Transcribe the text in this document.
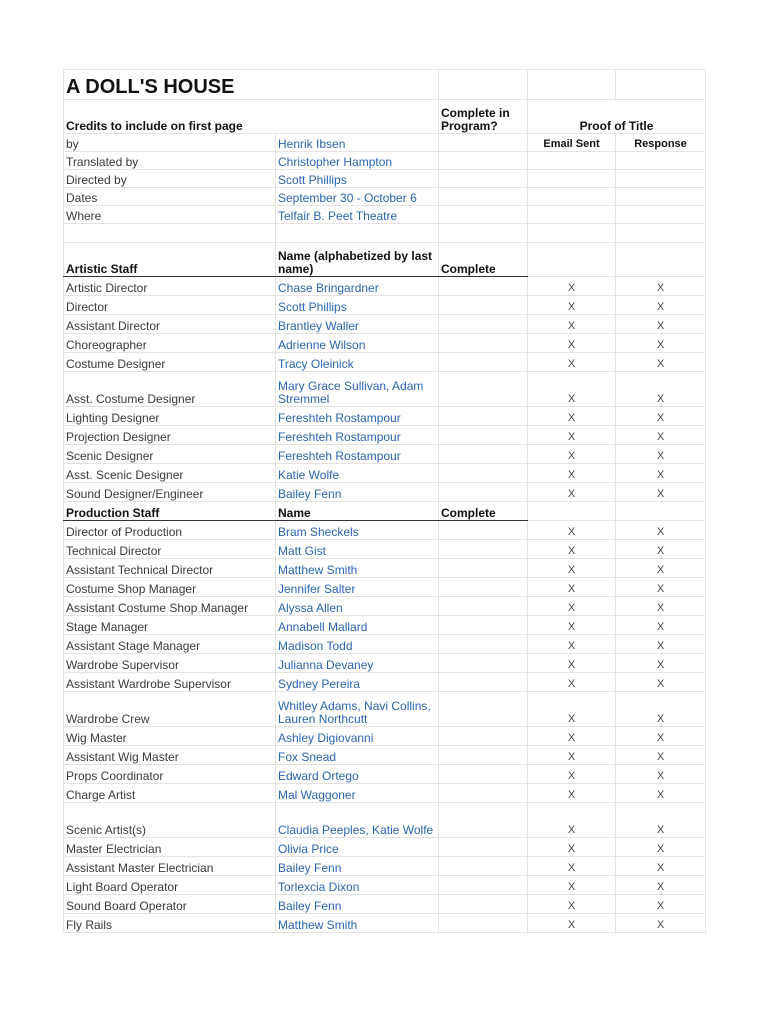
A DOLL'S HOUSE				
Credits to include on first page		Complete in Program?	Proof of Title	
by	Henrik Ibsen		Email Sent	Response
Translated by	Christopher Hampton			
Directed by	Scott Phillips			
Dates	September 30 - October 6			
Where	Telfair B. Peet Theatre			

Artistic Staff	Name (alphabetized by last name)	Complete		
Artistic Director	Chase Bringardner		X	X
Director	Scott Phillips		X	X
Assistant Director	Brantley Waller		X	X
Choreographer	Adrienne Wilson		X	X
Costume Designer	Tracy Oleinick		X	X
Asst. Costume Designer	Mary Grace Sullivan, Adam Stremmel		X	X
Lighting Designer	Fereshteh Rostampour		X	X
Projection Designer	Fereshteh Rostampour		X	X
Scenic Designer	Fereshteh Rostampour		X	X
Asst. Scenic Designer	Katie Wolfe		X	X
Sound Designer/Engineer	Bailey Fenn		X	X
Production Staff	Name	Complete		
Director of Production	Bram Sheckels		X	X
Technical Director	Matt Gist		X	X
Assistant Technical Director	Matthew Smith		X	X
Costume Shop Manager	Jennifer Salter		X	X
Assistant Costume Shop Manager	Alyssa Allen		X	X
Stage Manager	Annabell Mallard		X	X
Assistant Stage Manager	Madison Todd		X	X
Wardrobe Supervisor	Julianna Devaney		X	X
Assistant Wardrobe Supervisor	Sydney Pereira		X	X
Wardrobe Crew	Whitley Adams, Navi Collins, Lauren Northcutt		X	X
Wig Master	Ashley Digiovanni		X	X
Assistant Wig Master	Fox Snead		X	X
Props Coordinator	Edward Ortego		X	X
Charge Artist	Mal Waggoner		X	X
Scenic Artist(s)	Claudia Peeples, Katie Wolfe		X	X
Master Electrician	Olivia Price		X	X
Assistant Master Electrician	Bailey Fenn		X	X
Light Board Operator	Torlexcia Dixon		X	X
Sound Board Operator	Bailey Fenn		X	X
Fly Rails	Matthew Smith		X	X
